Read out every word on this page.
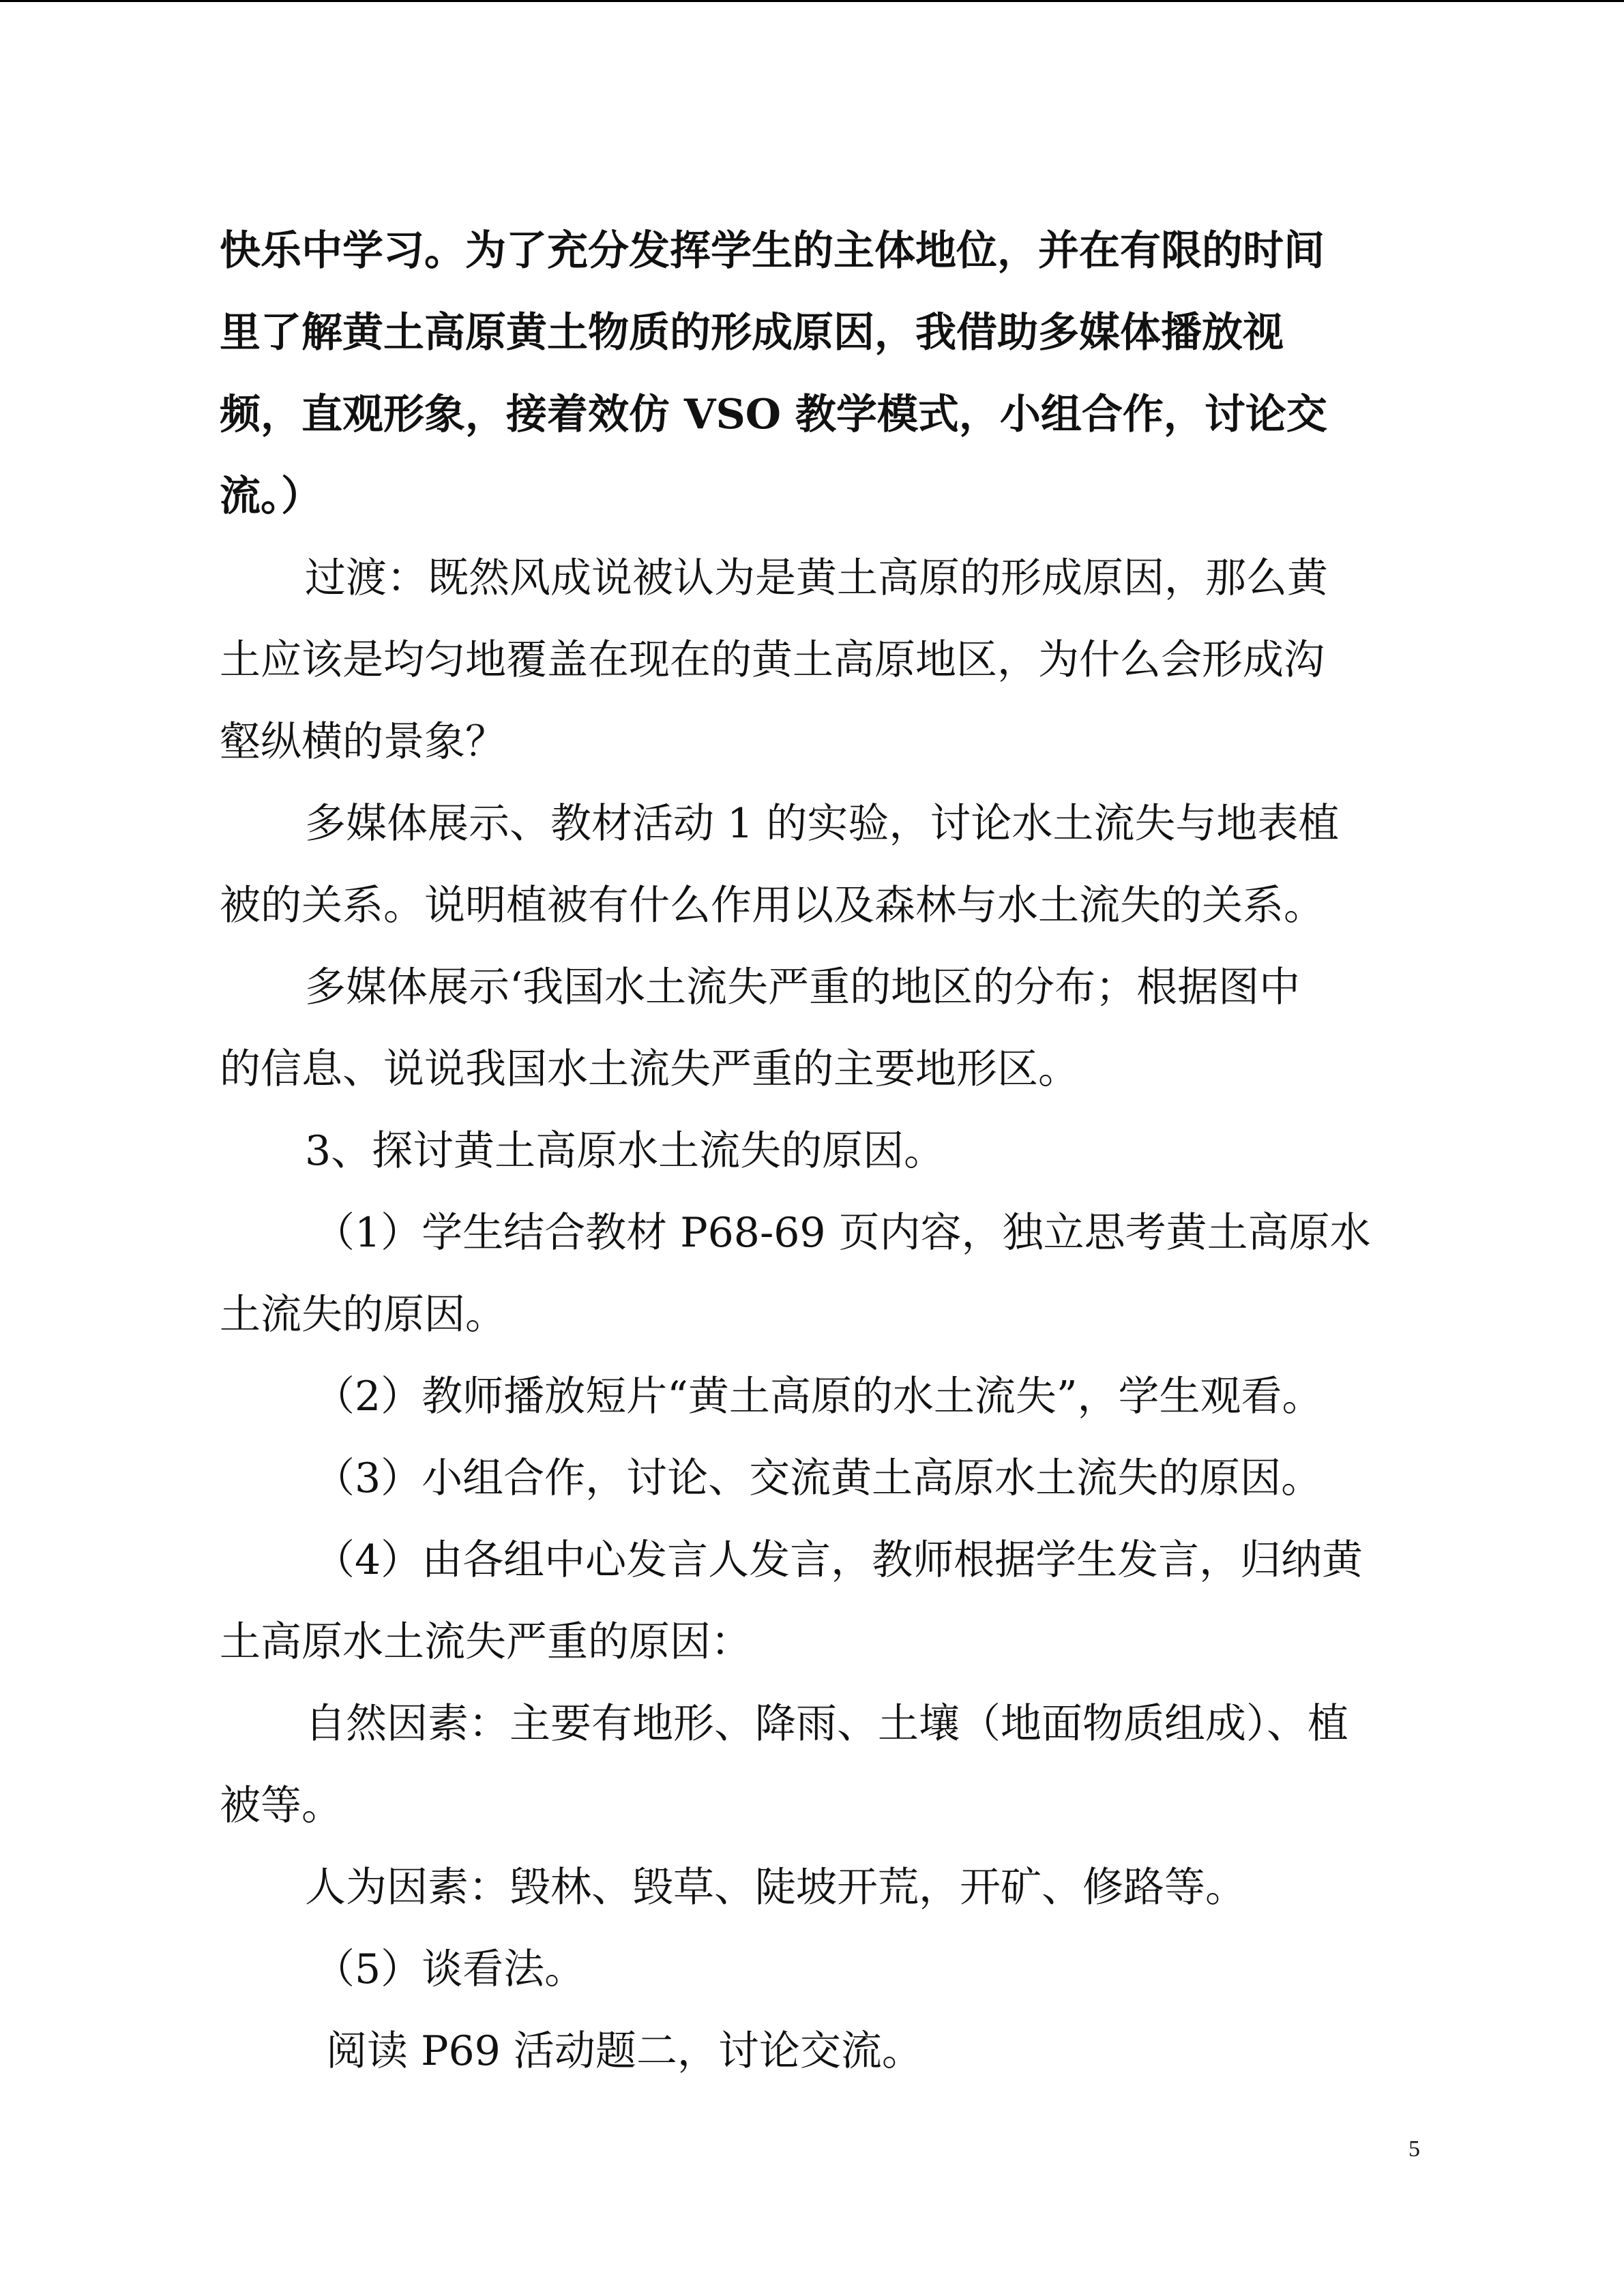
快乐中学习。为了充分发挥学生的主体地位，并在有限的时间
里了解黄土高原黄土物质的形成原因，我借助多媒体播放视
频，直观形象，接着效仿 VSO 教学模式，小组合作，讨论交
流。）
过渡：既然风成说被认为是黄土高原的形成原因，那么黄
土应该是均匀地覆盖在现在的黄土高原地区，为什么会形成沟
壑纵横的景象？
多媒体展示、教材活动 1 的实验，讨论水土流失与地表植
被的关系。说明植被有什么作用以及森林与水土流失的关系。
多媒体展示‘我国水土流失严重的地区的分布；根据图中
的信息、说说我国水土流失严重的主要地形区。
3、探讨黄土高原水土流失的原因。
（1）学生结合教材 P68-69 页内容，独立思考黄土高原水
土流失的原因。
（2）教师播放短片“黄土高原的水土流失”，学生观看。
（3）小组合作，讨论、交流黄土高原水土流失的原因。
（4）由各组中心发言人发言，教师根据学生发言，归纳黄
土高原水土流失严重的原因：
自然因素：主要有地形、降雨、土壤（地面物质组成）、植
被等。
人为因素：毁林、毁草、陡坡开荒，开矿、修路等。
（5）谈看法。
阅读 P69 活动题二，讨论交流。
5
